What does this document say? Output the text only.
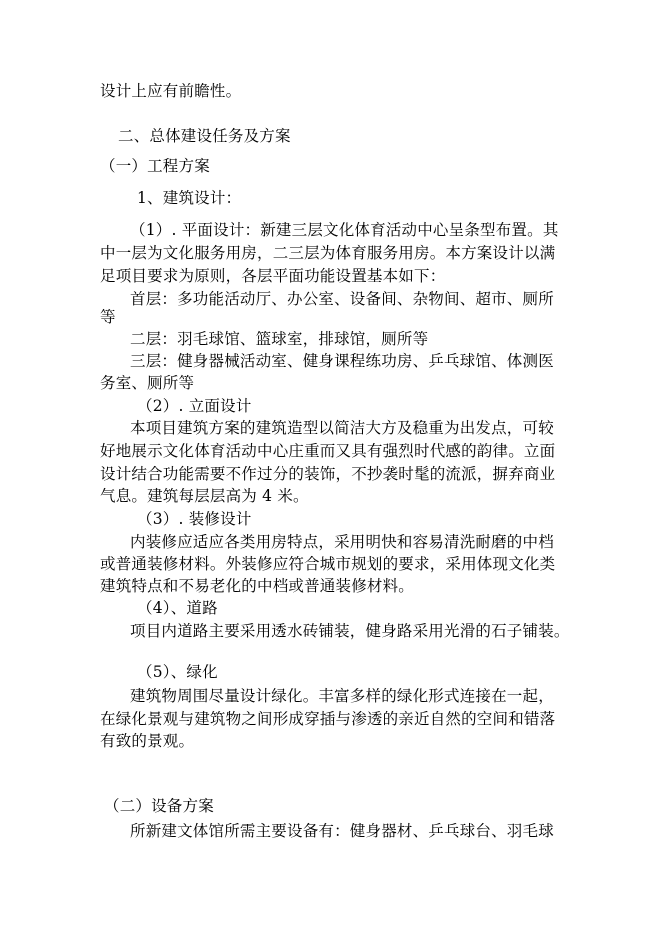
设计上应有前瞻性。
二、总体建设任务及方案
（一）工程方案
1、建筑设计：
（1）. 平面设计：新建三层文化体育活动中心呈条型布置。其
中一层为文化服务用房，二三层为体育服务用房。本方案设计以满
足项目要求为原则，各层平面功能设置基本如下：
首层：多功能活动厅、办公室、设备间、杂物间、超市、厕所
等
二层：羽毛球馆、篮球室，排球馆，厕所等
三层：健身器械活动室、健身课程练功房、乒乓球馆、体测医
务室、厕所等
（2）. 立面设计
本项目建筑方案的建筑造型以简洁大方及稳重为出发点，可较
好地展示文化体育活动中心庄重而又具有强烈时代感的韵律。立面
设计结合功能需要不作过分的装饰，不抄袭时髦的流派，摒弃商业
气息。建筑每层层高为 4 米。
（3）. 装修设计
内装修应适应各类用房特点，采用明快和容易清洗耐磨的中档
或普通装修材料。外装修应符合城市规划的要求，采用体现文化类
建筑特点和不易老化的中档或普通装修材料。
（4）、道路
项目内道路主要采用透水砖铺装，健身路采用光滑的石子铺装。
（5）、绿化
建筑物周围尽量设计绿化。丰富多样的绿化形式连接在一起，
在绿化景观与建筑物之间形成穿插与渗透的亲近自然的空间和错落
有致的景观。
（二）设备方案
所新建文体馆所需主要设备有：健身器材、乒乓球台、羽毛球
